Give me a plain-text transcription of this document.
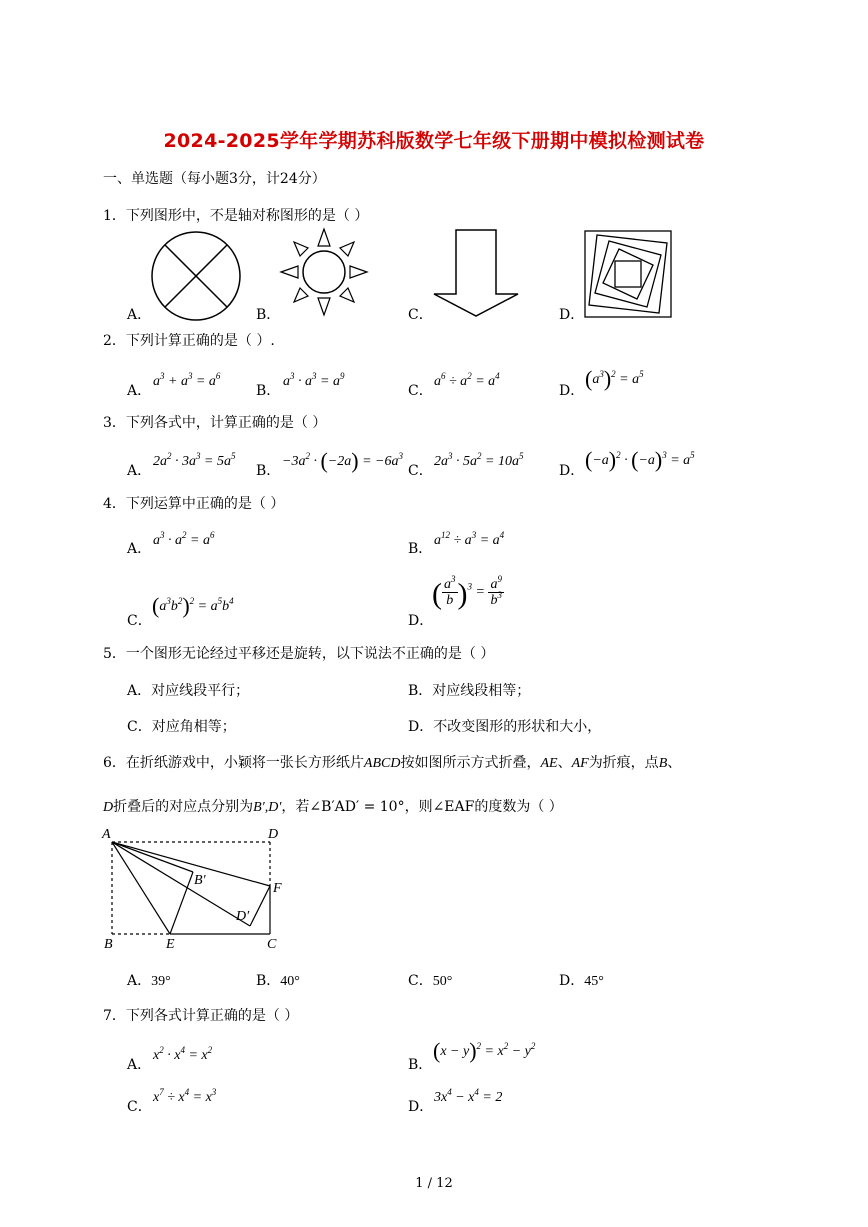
2024-2025学年学期苏科版数学七年级下册期中模拟检测试卷
一、单选题（每小题3分，计24分）
1．下列图形中，不是轴对称图形的是（ ）
A．	B．	C．	D．
2．下列计算正确的是（ ）.
A．
$a^3 + a^3 = a^6$
B．
$a^3 \cdot a^3 = a^9$
C．
$a^6 \div a^2 = a^4$
D． $(a^3)^2 = a^5$
3．下列各式中，计算正确的是（ ）
A．
$2a^2 \cdot 3a^3 = 5a^5$
B．
$-3a^2 \cdot (-2a) = -6a^3$
C．
$2a^3 \cdot 5a^2 = 10a^5$
D． $(-a)^2 \cdot (-a)^3 = a^5$
4．下列运算中正确的是（ ）
A．
$a^3 \cdot a^2 = a^6$
B．
$a^{12} \div a^3 = a^4$
C．
$(a^3b^2)^2 = a^5b^4$
D．
( $\frac{a^3}{b} )^3 = \frac{a^9}{b^3}$
5．一个图形无论经过平移还是旋转，以下说法不正确的是（ ）
A．对应线段平行；	B．对应线段相等；
C．对应角相等；	D．不改变图形的形状和大小，
6．在折纸游戏中，小颖将一张长方形纸片ABCD按如图所示方式折叠，AE、AF为折痕，点B、
D折叠后的对应点分别为B′,D′，若∠B′AD′ = 10°，则∠EAF的度数为（ ）
A	D
B′
F
D′
B	E	C
A．39°	B．40°	C．50°	D．45°
7．下列各式计算正确的是（ ）
A．
$x^2 \cdot x^4 = x^2$
B．
$(x - y)^2 = x^2 - y^2$
C．
$x^7 \div x^4 = x^3$
D．
$3x^4 - x^4 = 2$
1 / 12
